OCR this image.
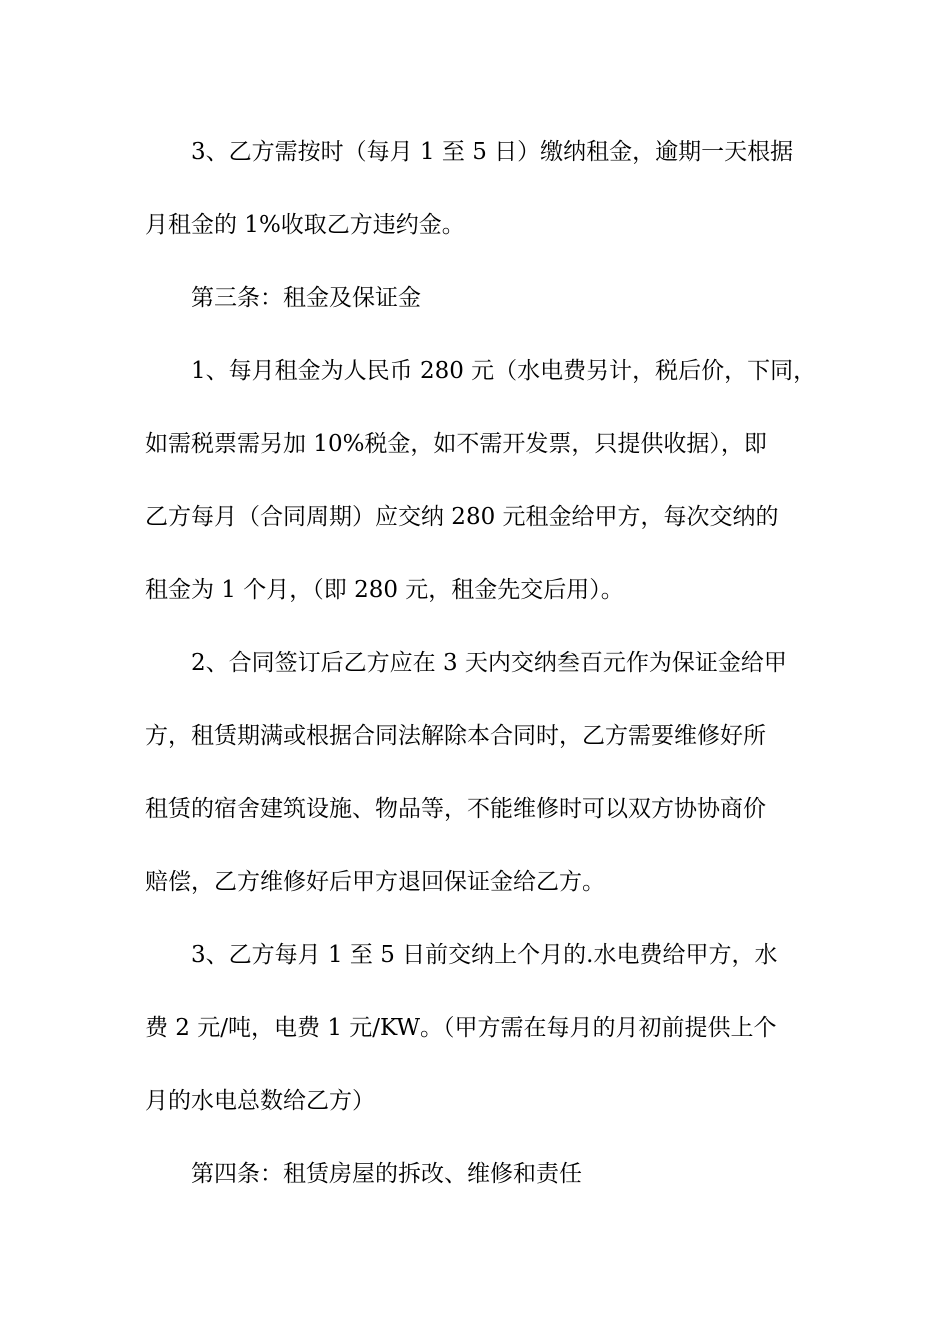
3、乙方需按时（每月 1 至 5 日）缴纳租金，逾期一天根据

月租金的 1%收取乙方违约金。

第三条：租金及保证金

1、每月租金为人民币 280 元（水电费另计，税后价，下同，

如需税票需另加 10%税金，如不需开发票，只提供收据），即

乙方每月（合同周期）应交纳 280 元租金给甲方，每次交纳的

租金为 1 个月，（即 280 元，租金先交后用）。

2、合同签订后乙方应在 3 天内交纳叁百元作为保证金给甲

方，租赁期满或根据合同法解除本合同时，乙方需要维修好所

租赁的宿舍建筑设施、物品等，不能维修时可以双方协协商价

赔偿，乙方维修好后甲方退回保证金给乙方。

3、乙方每月 1 至 5 日前交纳上个月的.水电费给甲方，水

费 2 元/吨，电费 1 元/KW。（甲方需在每月的月初前提供上个

月的水电总数给乙方）

第四条：租赁房屋的拆改、维修和责任
